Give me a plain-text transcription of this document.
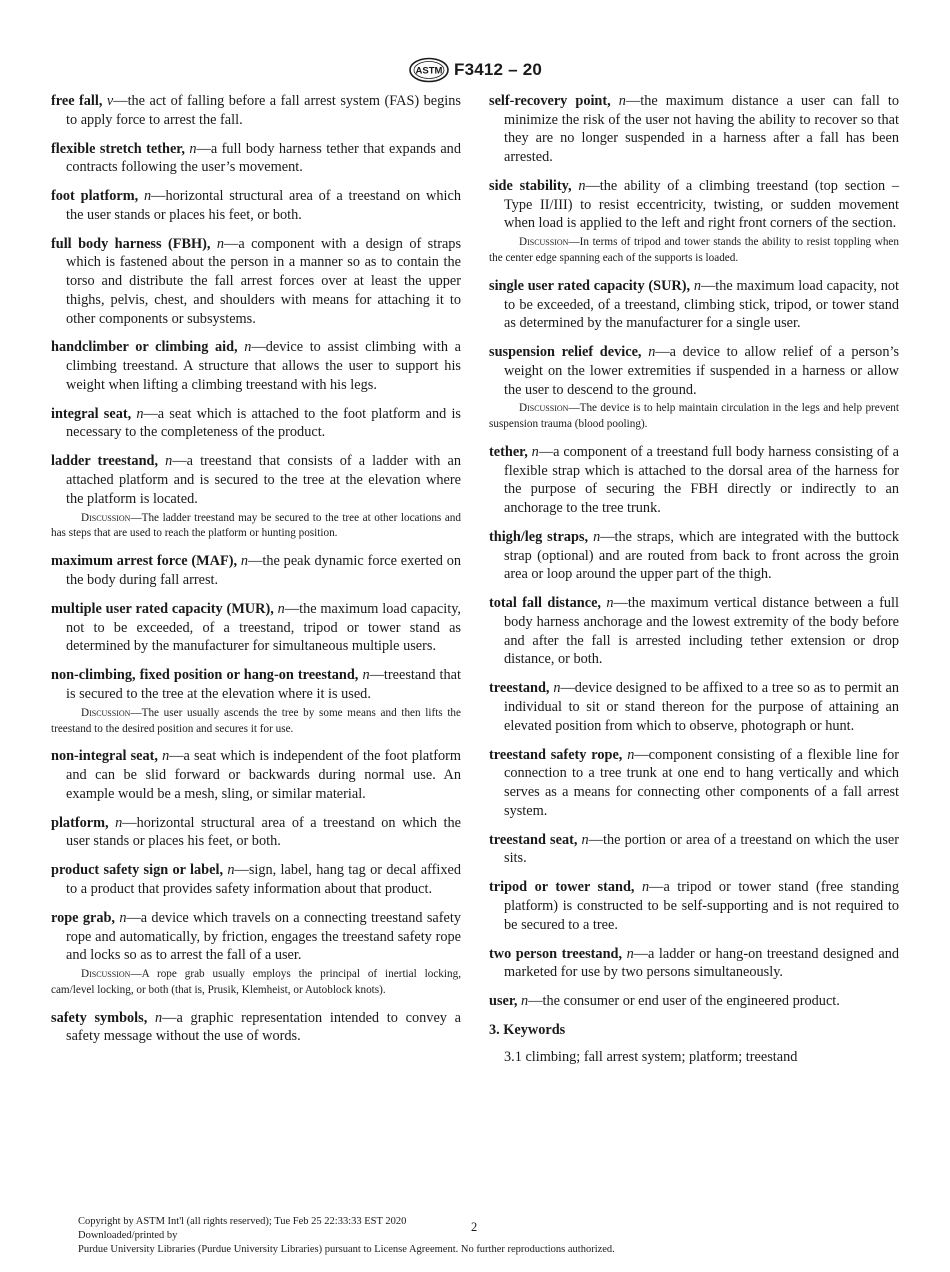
ASTM F3412 – 20

free fall, v—the act of falling before a fall arrest system (FAS) begins to apply force to arrest the fall.

flexible stretch tether, n—a full body harness tether that expands and contracts following the user’s movement.

foot platform, n—horizontal structural area of a treestand on which the user stands or places his feet, or both.

full body harness (FBH), n—a component with a design of straps which is fastened about the person in a manner so as to contain the torso and distribute the fall arrest forces over at least the upper thighs, pelvis, chest, and shoulders with means for attaching it to other components or subsystems.

handclimber or climbing aid, n—device to assist climbing with a climbing treestand. A structure that allows the user to support his weight when lifting a climbing treestand with his legs.

integral seat, n—a seat which is attached to the foot platform and is necessary to the completeness of the product.

ladder treestand, n—a treestand that consists of a ladder with an attached platform and is secured to the tree at the elevation where the platform is located.

Discussion—The ladder treestand may be secured to the tree at other locations and has steps that are used to reach the platform or hunting position.

maximum arrest force (MAF), n—the peak dynamic force exerted on the body during fall arrest.

multiple user rated capacity (MUR), n—the maximum load capacity, not to be exceeded, of a treestand, tripod or tower stand as determined by the manufacturer for simultaneous multiple users.

non-climbing, fixed position or hang-on treestand, n—treestand that is secured to the tree at the elevation where it is used.

Discussion—The user usually ascends the tree by some means and then lifts the treestand to the desired position and secures it for use.

non-integral seat, n—a seat which is independent of the foot platform and can be slid forward or backwards during normal use. An example would be a mesh, sling, or similar material.

platform, n—horizontal structural area of a treestand on which the user stands or places his feet, or both.

product safety sign or label, n—sign, label, hang tag or decal affixed to a product that provides safety information about that product.

rope grab, n—a device which travels on a connecting treestand safety rope and automatically, by friction, engages the treestand safety rope and locks so as to arrest the fall of a user.

Discussion—A rope grab usually employs the principal of inertial locking, cam/level locking, or both (that is, Prusik, Klemheist, or Autoblock knots).

safety symbols, n—a graphic representation intended to convey a safety message without the use of words.

self-recovery point, n—the maximum distance a user can fall to minimize the risk of the user not having the ability to recover so that they are no longer suspended in a harness after a fall has been arrested.

side stability, n—the ability of a climbing treestand (top section – Type II/III) to resist eccentricity, twisting, or sudden movement when load is applied to the left and right front corners of the section.

Discussion—In terms of tripod and tower stands the ability to resist toppling when the center edge spanning each of the supports is loaded.

single user rated capacity (SUR), n—the maximum load capacity, not to be exceeded, of a treestand, climbing stick, tripod, or tower stand as determined by the manufacturer for a single user.

suspension relief device, n—a device to allow relief of a person’s weight on the lower extremities if suspended in a harness or allow the user to descend to the ground.

Discussion—The device is to help maintain circulation in the legs and help prevent suspension trauma (blood pooling).

tether, n—a component of a treestand full body harness consisting of a flexible strap which is attached to the dorsal area of the harness for the purpose of securing the FBH directly or indirectly to an anchorage to the tree trunk.

thigh/leg straps, n—the straps, which are integrated with the buttock strap (optional) and are routed from back to front across the groin area or loop around the upper part of the thigh.

total fall distance, n—the maximum vertical distance between a full body harness anchorage and the lowest extremity of the body before and after the fall is arrested including tether extension or drop distance, or both.

treestand, n—device designed to be affixed to a tree so as to permit an individual to sit or stand thereon for the purpose of attaining an elevated position from which to observe, photograph or hunt.

treestand safety rope, n—component consisting of a flexible line for connection to a tree trunk at one end to hang vertically and which serves as a means for connecting other components of a fall arrest system.

treestand seat, n—the portion or area of a treestand on which the user sits.

tripod or tower stand, n—a tripod or tower stand (free standing platform) is constructed to be self-supporting and is not required to be secured to a tree.

two person treestand, n—a ladder or hang-on treestand designed and marketed for use by two persons simultaneously.

user, n—the consumer or end user of the engineered product.

3. Keywords

3.1 climbing; fall arrest system; platform; treestand

Copyright by ASTM Int'l (all rights reserved); Tue Feb 25 22:33:33 EST 2020
Downloaded/printed by
Purdue University Libraries (Purdue University Libraries) pursuant to License Agreement. No further reproductions authorized.
2
